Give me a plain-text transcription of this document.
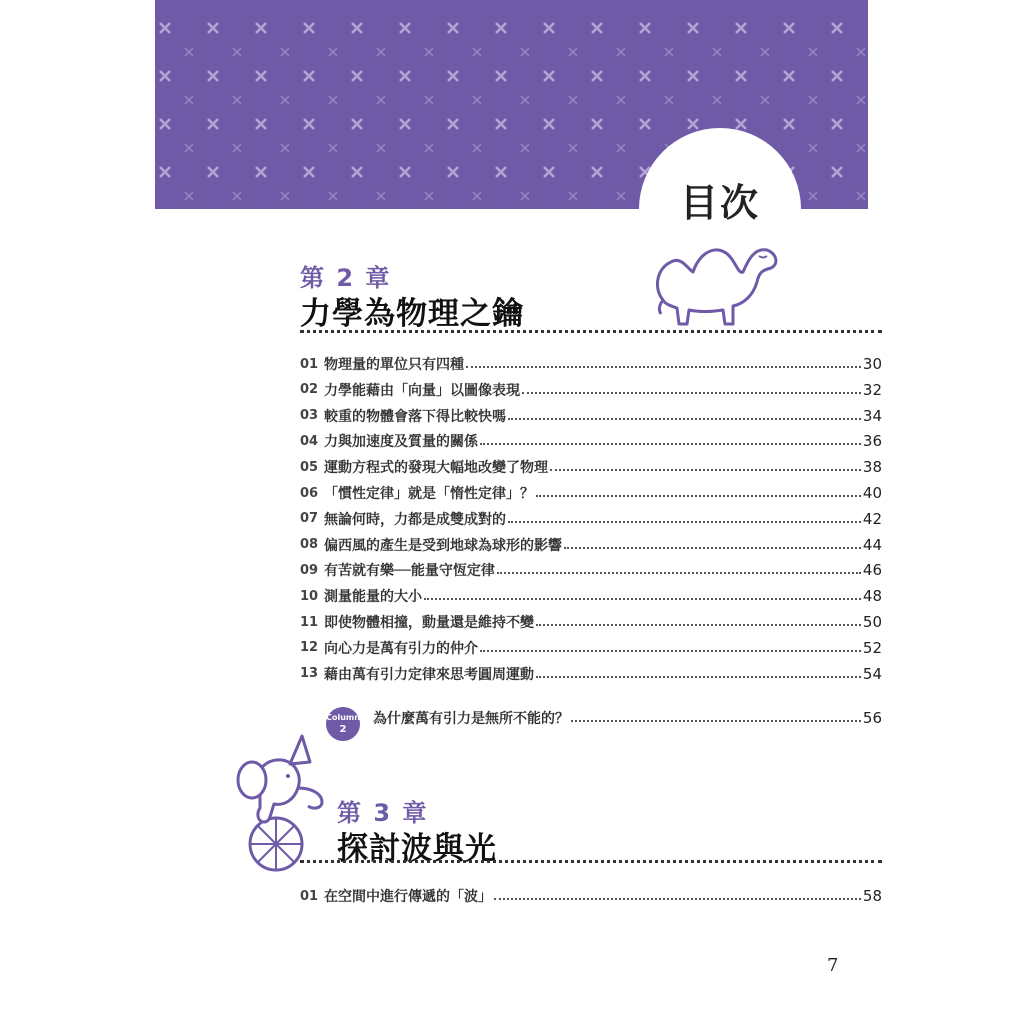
目次
第 2 章
力學為物理之鑰
01 物理量的單位只有四種	30
02 力學能藉由「向量」以圖像表現	32
03 較重的物體會落下得比較快嗎	34
04 力與加速度及質量的關係	36
05 運動方程式的發現大幅地改變了物理	38
06 「慣性定律」就是「惰性定律」？	40
07 無論何時，力都是成雙成對的	42
08 偏西風的產生是受到地球為球形的影響	44
09 有苦就有樂──能量守恆定律	46
10 測量能量的大小	48
11 即使物體相撞，動量還是維持不變	50
12 向心力是萬有引力的仲介	52
13 藉由萬有引力定律來思考圓周運動	54
Column
2
為什麼萬有引力是無所不能的？	56
第 3 章
探討波與光
01 在空間中進行傳遞的「波」	58
7
